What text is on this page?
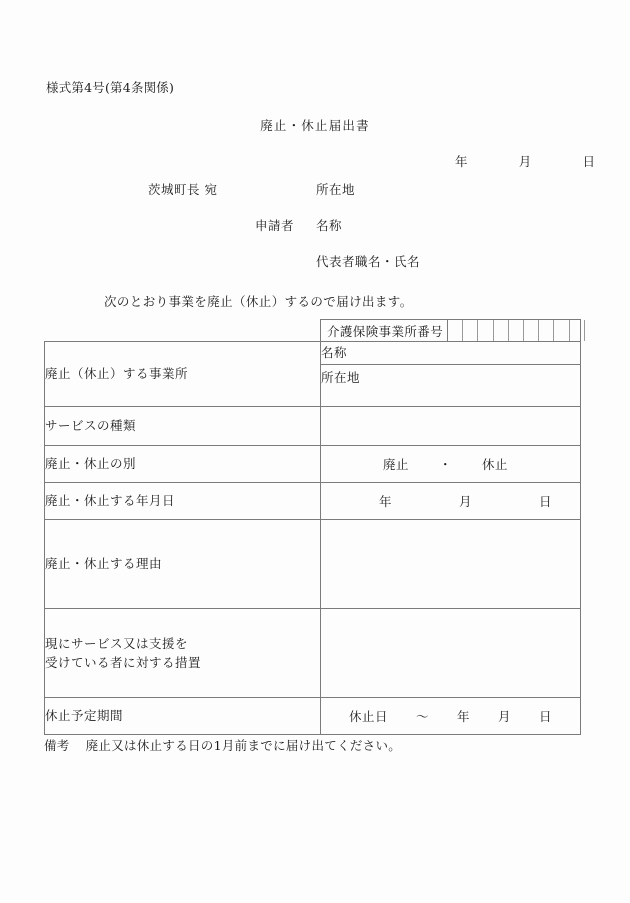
様式第4号(第4条関係)
廃止・休止届出書
年	月	日
茨城町長 宛	所在地
申請者 名称
代表者職名・氏名
次のとおり事業を廃止（休止）するので届け出ます。

介護保険事業所番号

廃止（休止）する事業所	名称
	所在地
サービスの種類	
廃止・休止の別	廃止 ・ 休止

廃止・休止する年月日	年 月 日

廃止・休止する理由	

現にサービス又は支援を
受けている者に対する措置	

休止予定期間	休止日 ～ 年 月 日
備考 廃止又は休止する日の1月前までに届け出てください。
